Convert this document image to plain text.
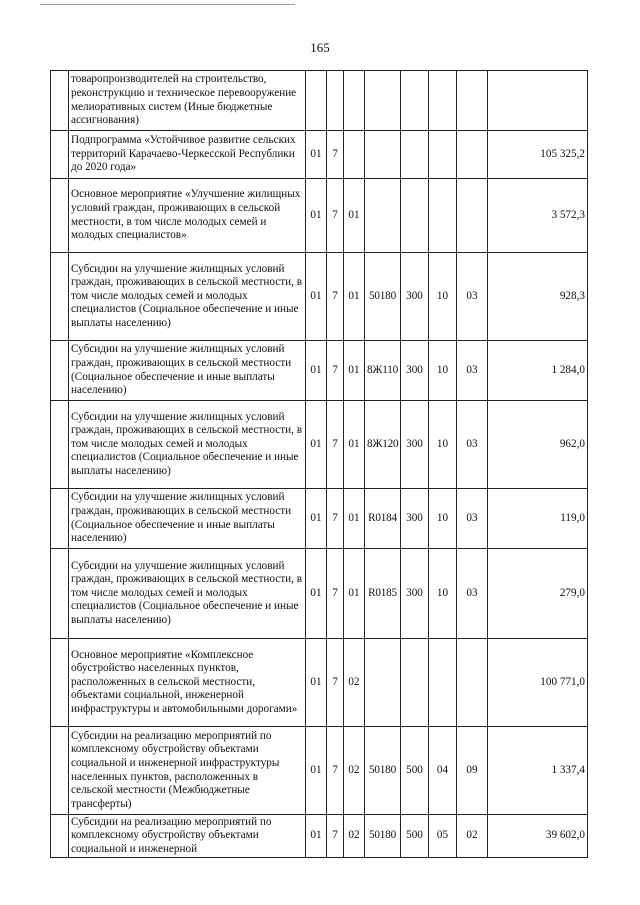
165
	товаропроизводителей на строительство, реконструкцию и техническое перевооружение мелиоративных систем (Иные бюджетные ассигнования)								
	Подпрограмма «Устойчивое развитие сельских территорий Карачаево-Черкесской Республики до 2020 года»	01	7						105 325,2
	Основное мероприятие «Улучшение жилищных условий граждан, проживающих в сельской местности, в том числе молодых семей и молодых специалистов»	01	7	01					3 572,3
	Субсидии на улучшение жилищных условий граждан, проживающих в сельской местности, в том числе молодых семей и молодых специалистов (Социальное обеспечение и иные выплаты населению)	01	7	01	50180	300	10	03	928,3
	Субсидии на улучшение жилищных условий граждан, проживающих в сельской местности (Социальное обеспечение и иные выплаты населению)	01	7	01	8Ж110	300	10	03	1 284,0
	Субсидии на улучшение жилищных условий граждан, проживающих в сельской местности, в том числе молодых семей и молодых специалистов (Социальное обеспечение и иные выплаты населению)	01	7	01	8Ж120	300	10	03	962,0
	Субсидии на улучшение жилищных условий граждан, проживающих в сельской местности (Социальное обеспечение и иные выплаты населению)	01	7	01	R0184	300	10	03	119,0
	Субсидии на улучшение жилищных условий граждан, проживающих в сельской местности, в том числе молодых семей и молодых специалистов (Социальное обеспечение и иные выплаты населению)	01	7	01	R0185	300	10	03	279,0
	Основное мероприятие «Комплексное обустройство населенных пунктов, расположенных в сельской местности, объектами социальной, инженерной инфраструктуры и автомобильными дорогами»	01	7	02					100 771,0
	Субсидии на реализацию мероприятий по комплексному обустройству объектами социальной и инженерной инфраструктуры населенных пунктов, расположенных в сельской местности (Межбюджетные трансферты)	01	7	02	50180	500	04	09	1 337,4
	Субсидии на реализацию мероприятий по комплексному обустройству объектами социальной и инженерной	01	7	02	50180	500	05	02	39 602,0
